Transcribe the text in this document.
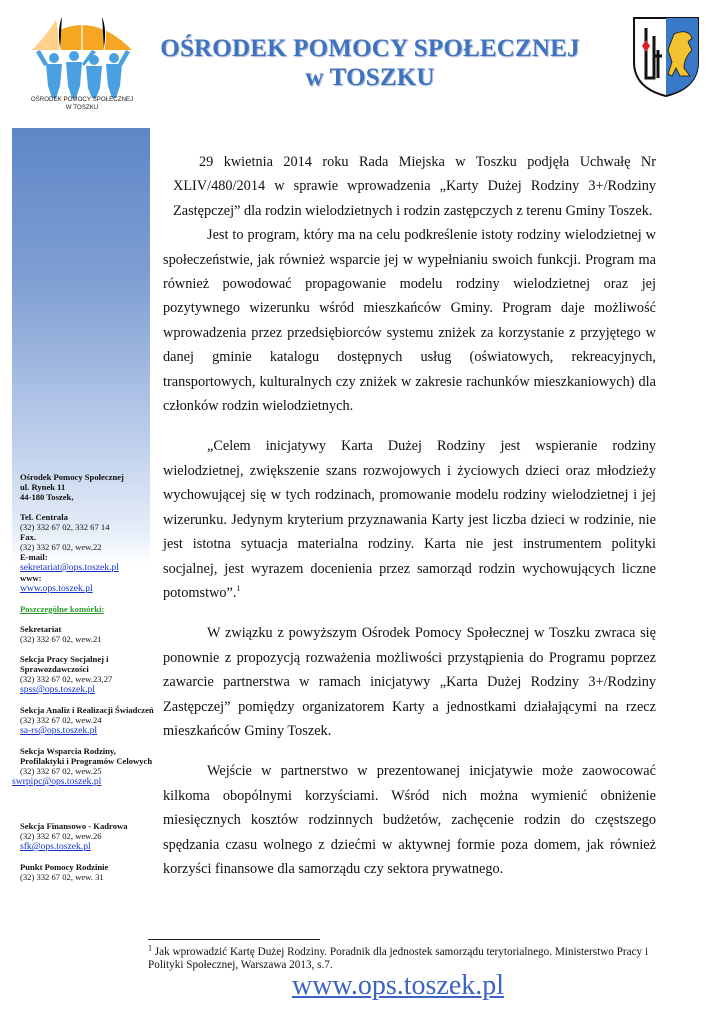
OŚRODEK POMOCY SPOŁECZNEJ
W TOSZKU
OŚRODEK POMOCY SPOŁECZNEJ
w TOSZKU
Ośrodek Pomocy Społecznej
ul. Rynek 11
44-180 Toszek,
Tel. Centrala
(32) 332 67 02, 332 67 14
Fax.
(32) 332 67 02, wew.22
E-mail:
sekretariat@ops.toszek.pl
www:
www.ops.toszek.pl
Poszczególne komórki:
Sekretariat
(32) 332 67 02, wew.21
Sekcja Pracy Socjalnej i Sprawozdawczości
(32) 332 67 02, wew.23,27
spss@ops.toszek.pl
Sekcja Analiz i Realizacji Świadczeń
(32) 332 67 02, wew.24
sa-rs@ops.toszek.pl
Sekcja Wsparcia Rodziny, Profilaktyki i Programów Celowych
(32) 332 67 02, wew.25
swrpipc@ops.toszek.pl
Sekcja Finansowo - Kadrowa
(32) 332 67 02, wew.26
sfk@ops.toszek.pl
Punkt Pomocy Rodzinie
(32) 332 67 02, wew. 31

29 kwietnia 2014 roku Rada Miejska w Toszku podjęła Uchwałę Nr XLIV/480/2014 w sprawie wprowadzenia „Karty Dużej Rodziny 3+/Rodziny Zastępczej” dla rodzin wielodzietnych i rodzin zastępczych z terenu Gminy Toszek.

Jest to program, który ma na celu podkreślenie istoty rodziny wielodzietnej w społeczeństwie, jak również wsparcie jej w wypełnianiu swoich funkcji. Program ma również powodować propagowanie modelu rodziny wielodzietnej oraz jej pozytywnego wizerunku wśród mieszkańców Gminy. Program daje możliwość wprowadzenia przez przedsiębiorców systemu zniżek za korzystanie z przyjętego w danej gminie katalogu dostępnych usług (oświatowych, rekreacyjnych, transportowych, kulturalnych czy zniżek w zakresie rachunków mieszkaniowych) dla członków rodzin wielodzietnych.

„Celem inicjatywy Karta Dużej Rodziny jest wspieranie rodziny wielodzietnej, zwiększenie szans rozwojowych i życiowych dzieci oraz młodzieży wychowującej się w tych rodzinach, promowanie modelu rodziny wielodzietnej i jej wizerunku. Jedynym kryterium przyznawania Karty jest liczba dzieci w rodzinie, nie jest istotna sytuacja materialna rodziny. Karta nie jest instrumentem polityki socjalnej, jest wyrazem docenienia przez samorząd rodzin wychowujących liczne potomstwo”.$^1$

W związku z powyższym Ośrodek Pomocy Społecznej w Toszku zwraca się ponownie z propozycją rozważenia możliwości przystąpienia do Programu poprzez zawarcie partnerstwa w ramach inicjatywy „Karta Dużej Rodziny 3+/Rodziny Zastępczej” pomiędzy organizatorem Karty a jednostkami działającymi na rzecz mieszkańców Gminy Toszek.

Wejście w partnerstwo w prezentowanej inicjatywie może zaowocować kilkoma obopólnymi korzyściami. Wśród nich można wymienić obniżenie miesięcznych kosztów rodzinnych budżetów, zachęcenie rodzin do częstszego spędzania czasu wolnego z dziećmi w aktywnej formie poza domem, jak również korzyści finansowe dla samorządu czy sektora prywatnego.

$^1$ Jak wprowadzić Kartę Dużej Rodziny. Poradnik dla jednostek samorządu terytorialnego. Ministerstwo Pracy i Polityki Społecznej, Warszawa 2013, s.7.
www.ops.toszek.pl
